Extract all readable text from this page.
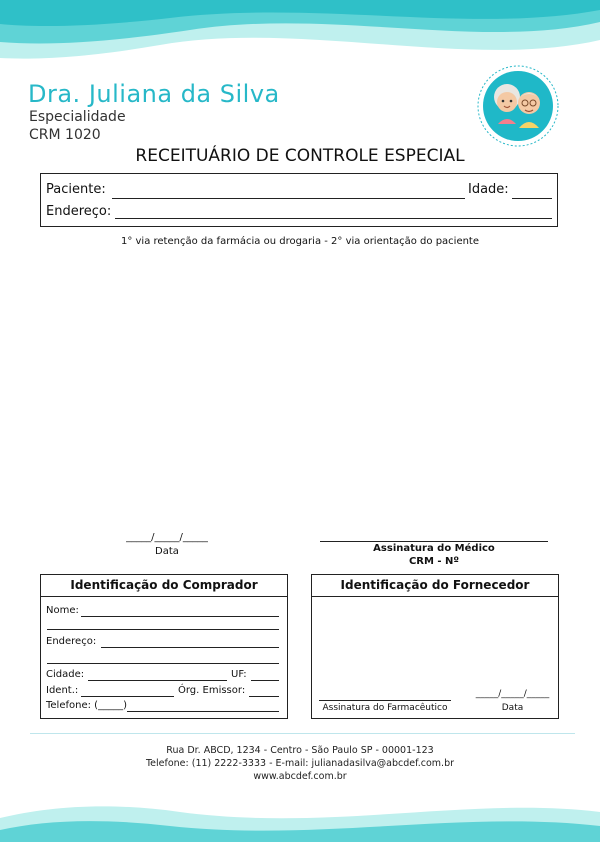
Dra. Juliana da Silva
Especialidade
CRM 1020
RECEITUÁRIO DE CONTROLE ESPECIAL
Paciente:	Idade:
Endereço:
1° via retenção da farmácia ou drogaria - 2° via orientação do paciente
_____/_____/_____
Data	Assinatura do Médico
CRM - Nº
Identificação do Comprador
Nome:
Endereço:
Cidade:	UF:
Ident.:	Órg. Emissor:
Telefone: (_____)
Identificação do Fornecedor
Assinatura do Farmacêutico
_____/_____/_____
Data
Rua Dr. ABCD, 1234 - Centro - São Paulo SP - 00001-123
Telefone: (11) 2222-3333 - E-mail: julianadasilva@abcdef.com.br
www.abcdef.com.br
